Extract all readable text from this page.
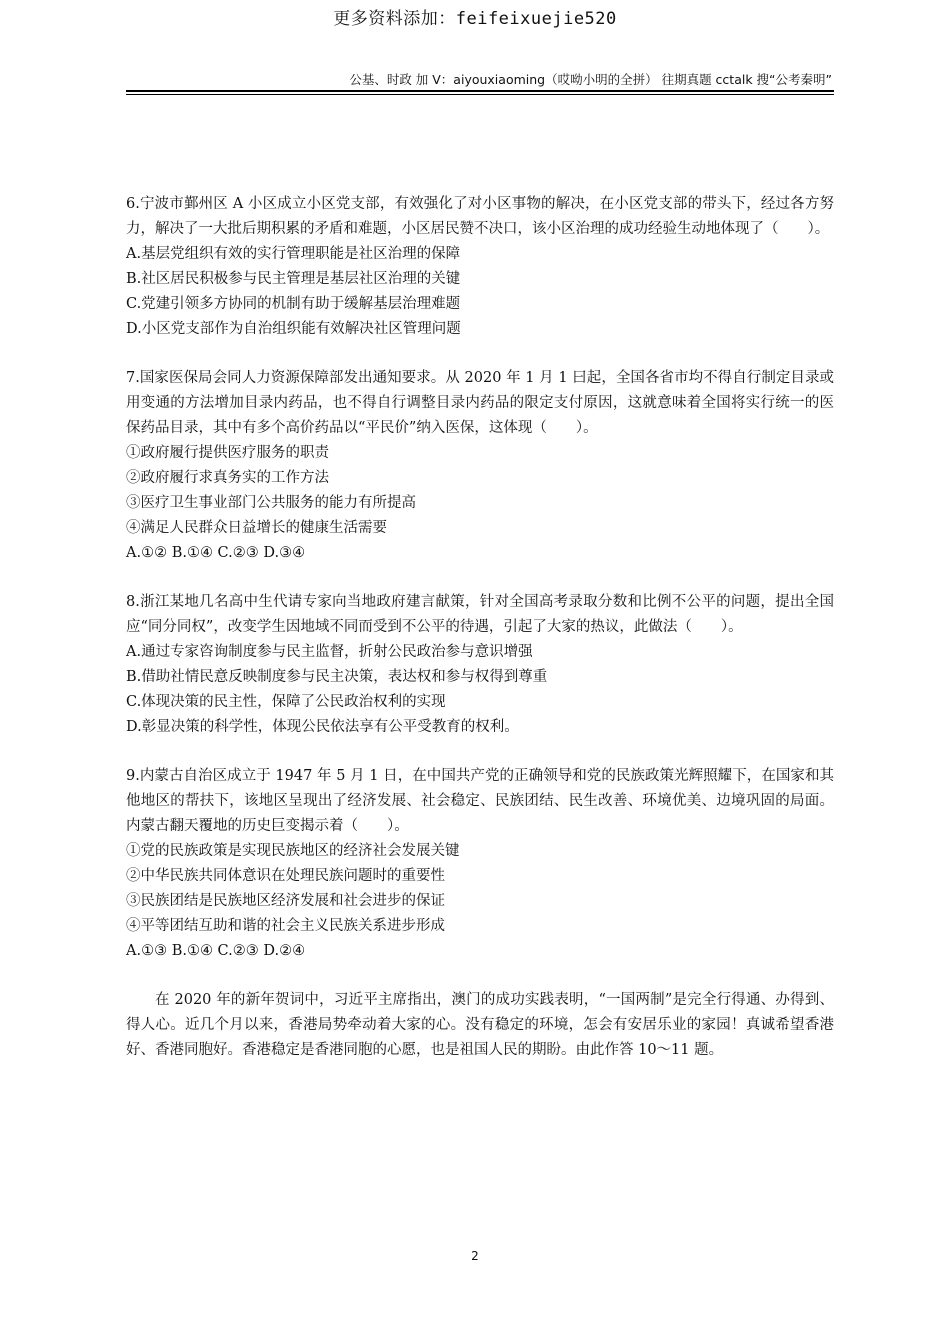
更多资料添加：feifeixuejie520
公基、时政 加 V：aiyouxiaoming（哎呦小明的全拼） 往期真题 cctalk 搜“公考秦明”
6.宁波市鄞州区 A 小区成立小区党支部，有效强化了对小区事物的解决，在小区党支部的带头下，经过各方努力，解决了一大批后期积累的矛盾和难题，小区居民赞不决口，该小区治理的成功经验生动地体现了（　　）。
A.基层党组织有效的实行管理职能是社区治理的保障
B.社区居民积极参与民主管理是基层社区治理的关键
C.党建引领多方协同的机制有助于缓解基层治理难题
D.小区党支部作为自治组织能有效解决社区管理问题
7.国家医保局会同人力资源保障部发出通知要求。从 2020 年 1 月 1 曰起，全国各省市均不得自行制定目录或用变通的方法增加目录内药品，也不得自行调整目录内药品的限定支付原因，这就意味着全国将实行统一的医保药品目录，其中有多个高价药品以“平民价”纳入医保，这体现（　　）。
①政府履行提供医疗服务的职责
②政府履行求真务实的工作方法
③医疗卫生事业部门公共服务的能力有所提高
④满足人民群众日益增长的健康生活需要
A.①② B.①④ C.②③ D.③④
8.浙江某地几名高中生代请专家向当地政府建言献策，针对全国高考录取分数和比例不公平的问题，提出全国应“同分同权”，改变学生因地域不同而受到不公平的待遇，引起了大家的热议，此做法（　　）。
A.通过专家咨询制度参与民主监督，折射公民政治参与意识增强
B.借助社情民意反映制度参与民主决策，表达权和参与权得到尊重
C.体现决策的民主性，保障了公民政治权利的实现
D.彰显决策的科学性，体现公民依法享有公平受教育的权利。
9.内蒙古自治区成立于 1947 年 5 月 1 日，在中国共产党的正确领导和党的民族政策光辉照耀下，在国家和其他地区的帮扶下，该地区呈现出了经济发展、社会稳定、民族团结、民生改善、环境优美、边境巩固的局面。内蒙古翻天覆地的历史巨变揭示着（　　）。
①党的民族政策是实现民族地区的经济社会发展关键
②中华民族共同体意识在处理民族问题时的重要性
③民族团结是民族地区经济发展和社会进步的保证
④平等团结互助和谐的社会主义民族关系进步形成
A.①③ B.①④ C.②③ D.②④
在 2020 年的新年贺词中，习近平主席指出，澳门的成功实践表明，“一国两制”是完全行得通、办得到、得人心。近几个月以来，香港局势牵动着大家的心。没有稳定的环境，怎会有安居乐业的家园！真诚希望香港好、香港同胞好。香港稳定是香港同胞的心愿，也是祖国人民的期盼。由此作答 10～11 题。
2
